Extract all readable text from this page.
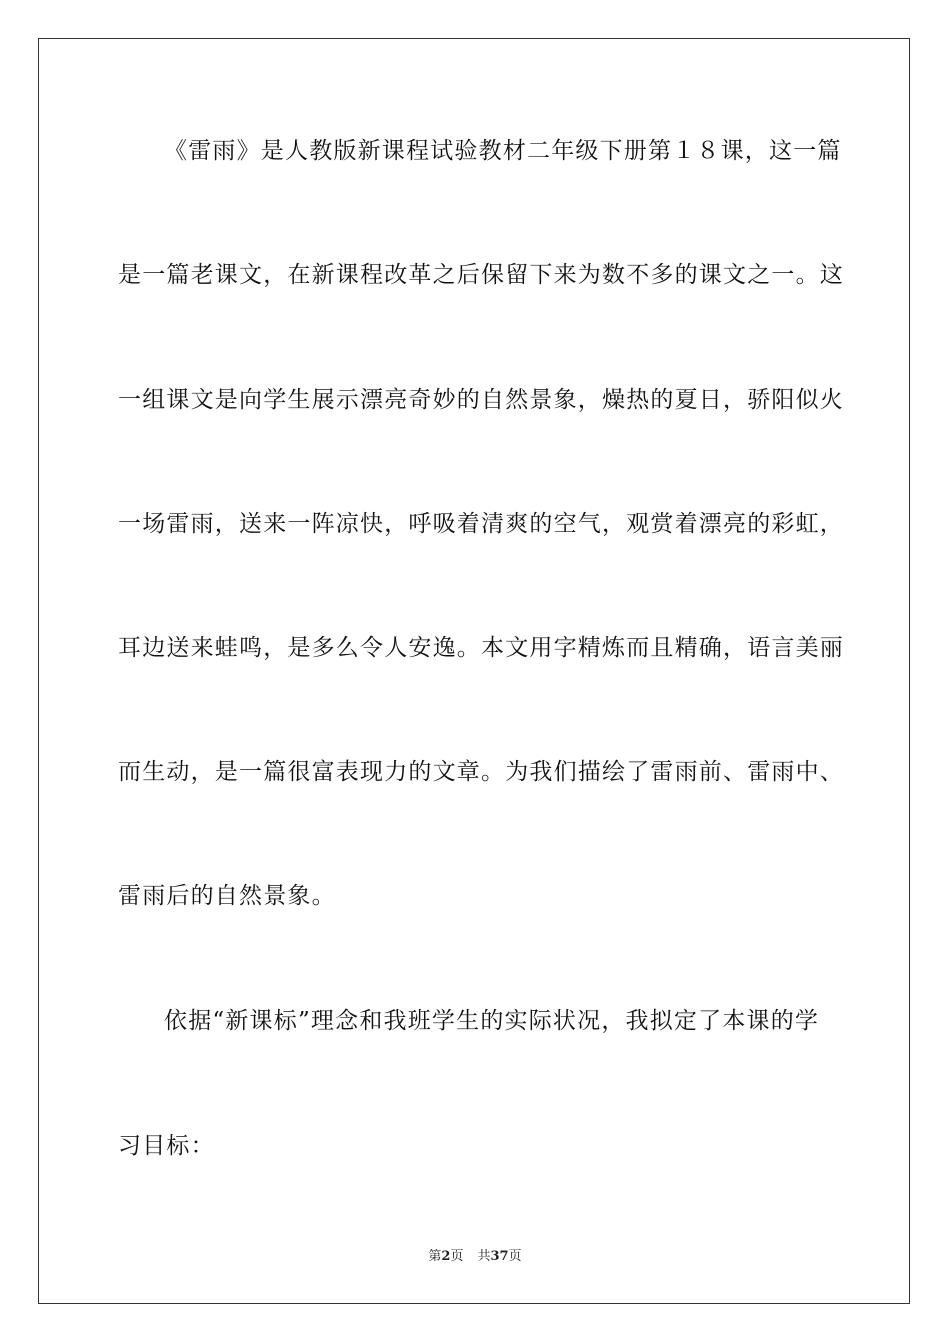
《雷雨》是人教版新课程试验教材二年级下册第１８课，这一篇
是一篇老课文，在新课程改革之后保留下来为数不多的课文之一。这
一组课文是向学生展示漂亮奇妙的自然景象，燥热的夏日，骄阳似火
一场雷雨，送来一阵凉快，呼吸着清爽的空气，观赏着漂亮的彩虹，
耳边送来蛙鸣，是多么令人安逸。本文用字精炼而且精确，语言美丽
而生动，是一篇很富表现力的文章。为我们描绘了雷雨前、雷雨中、
雷雨后的自然景象。
依据“新课标”理念和我班学生的实际状况，我拟定了本课的学
习目标：
第2页 共37页
